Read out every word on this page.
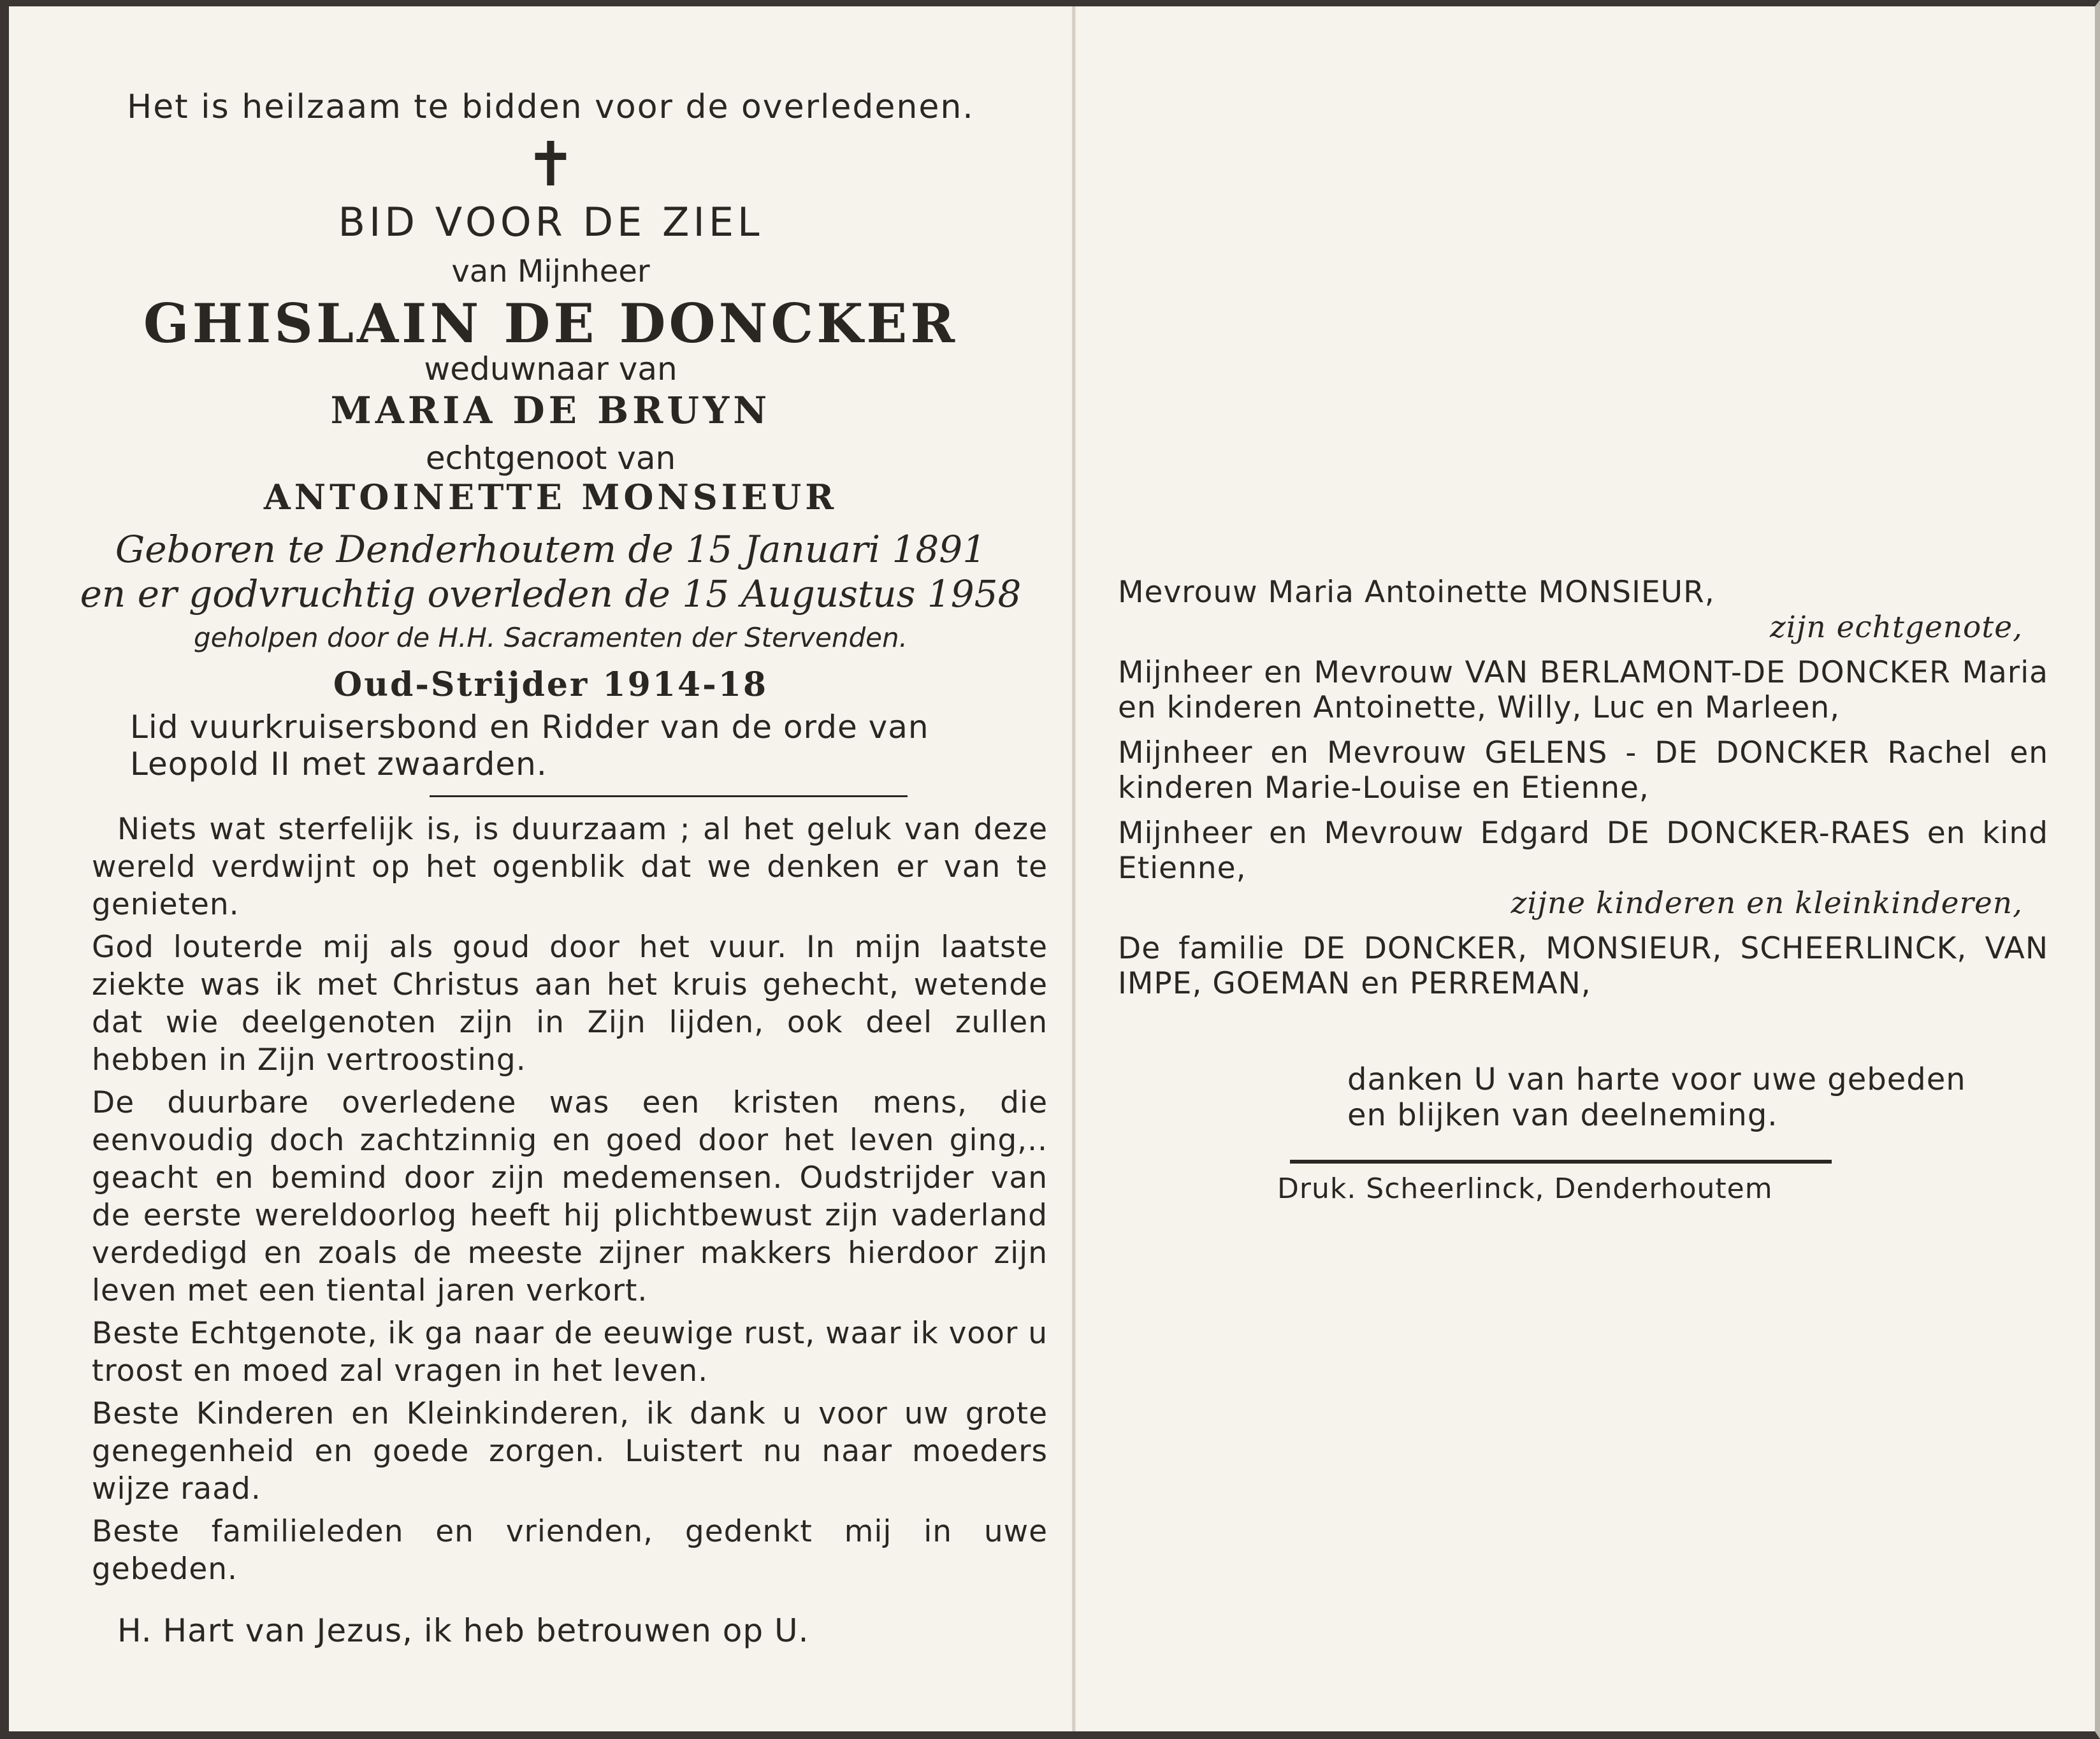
Het is heilzaam te bidden voor de overledenen.
✝
BID VOOR DE ZIEL
van Mijnheer
GHISLAIN DE DONCKER
weduwnaar van
MARIA DE BRUYN
echtgenoot van
ANTOINETTE MONSIEUR
Geboren te Denderhoutem de 15 Januari 1891
en er godvruchtig overleden de 15 Augustus 1958
geholpen door de H.H. Sacramenten der Stervenden.
Oud-Strijder 1914-18
Lid vuurkruisersbond en Ridder van de orde van Leopold II met zwaarden.

Niets wat sterfelijk is, is duurzaam ; al het geluk van deze wereld verdwijnt op het ogenblik dat we denken er van te genieten.

God louterde mij als goud door het vuur. In mijn laatste ziekte was ik met Christus aan het kruis gehecht, wetende dat wie deelgenoten zijn in Zijn lijden, ook deel zullen hebben in Zijn vertroosting.

De duurbare overledene was een kristen mens, die eenvoudig doch zachtzinnig en goed door het leven ging,.. geacht en bemind door zijn medemensen. Oudstrijder van de eerste wereldoorlog heeft hij plichtbewust zijn vaderland verdedigd en zoals de meeste zijner makkers hierdoor zijn leven met een tiental jaren verkort.

Beste Echtgenote, ik ga naar de eeuwige rust, waar ik voor u troost en moed zal vragen in het leven.

Beste Kinderen en Kleinkinderen, ik dank u voor uw grote genegenheid en goede zorgen. Luistert nu naar moeders wijze raad.

Beste familieleden en vrienden, gedenkt mij in uwe gebeden.

H. Hart van Jezus, ik heb betrouwen op U.
Mevrouw Maria Antoinette MONSIEUR,
zijn echtgenote,
Mijnheer en Mevrouw VAN BERLAMONT-DE DONCKER Maria en kinderen Antoinette, Willy, Luc en Marleen,
Mijnheer en Mevrouw GELENS - DE DONCKER Rachel en kinderen Marie-Louise en Etienne,
Mijnheer en Mevrouw Edgard DE DONCKER-RAES en kind Etienne,
zijne kinderen en kleinkinderen,
De familie DE DONCKER, MONSIEUR, SCHEERLINCK, VAN IMPE, GOEMAN en PERREMAN,
danken U van harte voor uwe gebeden en blijken van deelneming.
Druk. Scheerlinck, Denderhoutem
